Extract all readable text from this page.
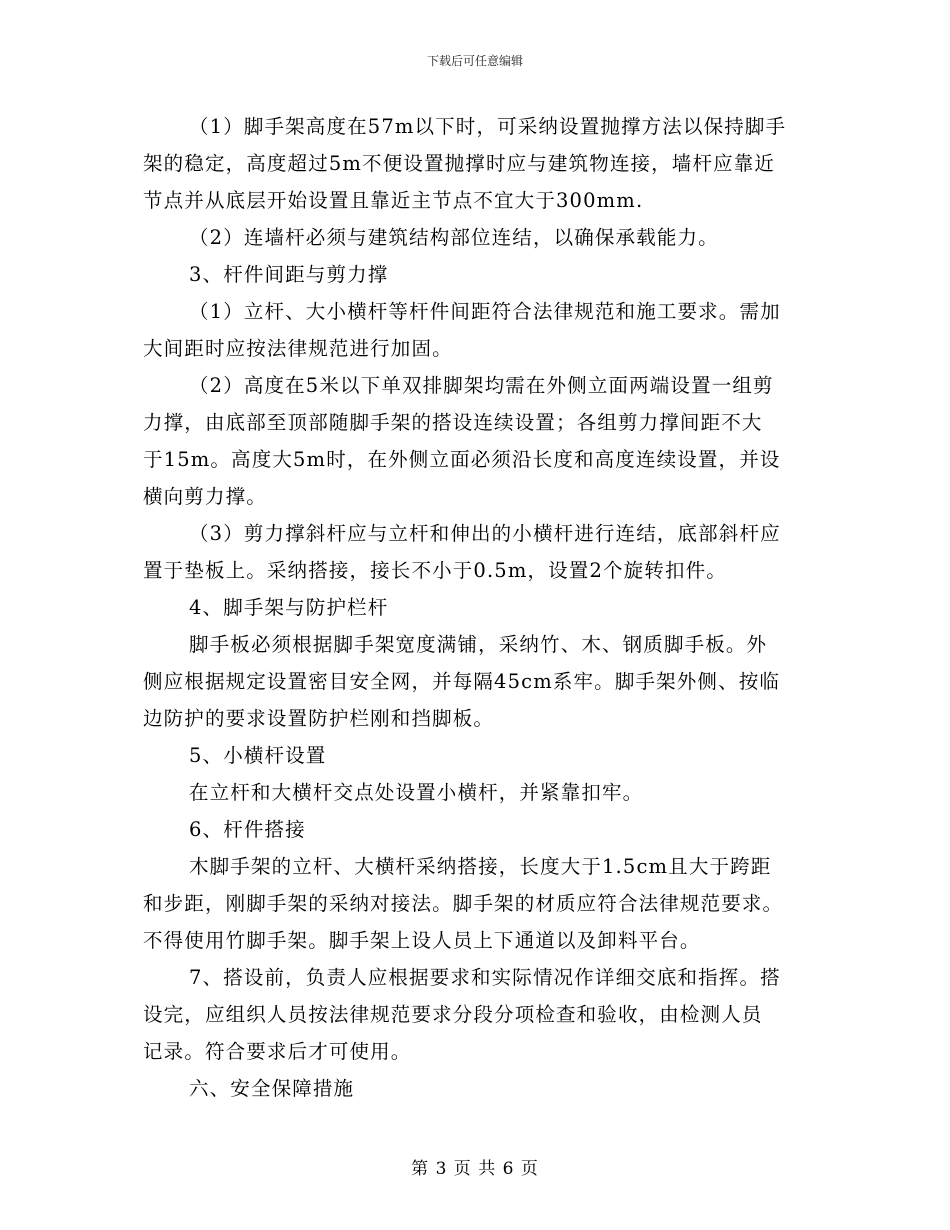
下载后可任意编辑
（1）脚手架高度在57m以下时，可采纳设置抛撑方法以保持脚手
架的稳定，高度超过5m不便设置抛撑时应与建筑物连接，墙杆应靠近
节点并从底层开始设置且靠近主节点不宜大于300mm.
（2）连墙杆必须与建筑结构部位连结，以确保承载能力。
3、杆件间距与剪力撑
（1）立杆、大小横杆等杆件间距符合法律规范和施工要求。需加
大间距时应按法律规范进行加固。
（2）高度在5米以下单双排脚架均需在外侧立面两端设置一组剪
力撑，由底部至顶部随脚手架的搭设连续设置；各组剪力撑间距不大
于15m。高度大5m时，在外侧立面必须沿长度和高度连续设置，并设
横向剪力撑。
（3）剪力撑斜杆应与立杆和伸出的小横杆进行连结，底部斜杆应
置于垫板上。采纳搭接，接长不小于0.5m，设置2个旋转扣件。
4、脚手架与防护栏杆
脚手板必须根据脚手架宽度满铺，采纳竹、木、钢质脚手板。外
侧应根据规定设置密目安全网，并每隔45cm系牢。脚手架外侧、按临
边防护的要求设置防护栏刚和挡脚板。
5、小横杆设置
在立杆和大横杆交点处设置小横杆，并紧靠扣牢。
6、杆件搭接
木脚手架的立杆、大横杆采纳搭接，长度大于1.5cm且大于跨距
和步距，刚脚手架的采纳对接法。脚手架的材质应符合法律规范要求。
不得使用竹脚手架。脚手架上设人员上下通道以及卸料平台。
7、搭设前，负责人应根据要求和实际情况作详细交底和指挥。搭
设完，应组织人员按法律规范要求分段分项检查和验收，由检测人员
记录。符合要求后才可使用。
六、安全保障措施
第 3 页 共 6 页
